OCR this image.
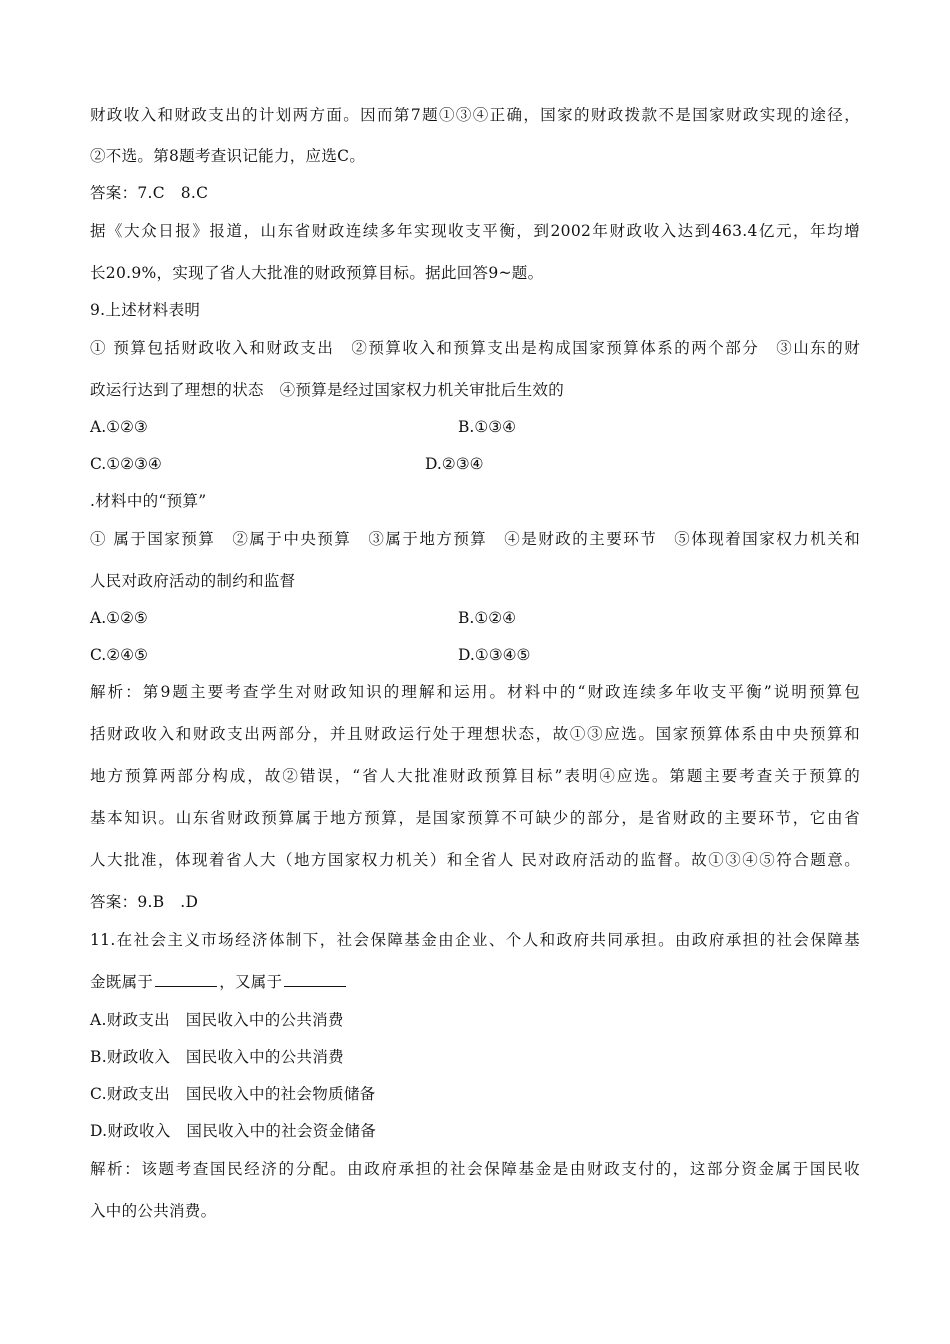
财政收入和财政支出的计划两方面。因而第7题①③④正确，国家的财政拨款不是国家财政实现的途径，
②不选。第8题考查识记能力，应选C。
答案：7.C　8.C
据《大众日报》报道，山东省财政连续多年实现收支平衡，到2002年财政收入达到463.4亿元，年均增
长20.9%，实现了省人大批准的财政预算目标。据此回答9~题。
9.上述材料表明
① 预算包括财政收入和财政支出　②预算收入和预算支出是构成国家预算体系的两个部分　③山东的财
政运行达到了理想的状态　④预算是经过国家权力机关审批后生效的
A.①②③	B.①③④
C.①②③④	D.②③④
.材料中的“预算”
① 属于国家预算　②属于中央预算　③属于地方预算　④是财政的主要环节　⑤体现着国家权力机关和
人民对政府活动的制约和监督
A.①②⑤	B.①②④
C.②④⑤	D.①③④⑤
解析：第9题主要考查学生对财政知识的理解和运用。材料中的“财政连续多年收支平衡”说明预算包
括财政收入和财政支出两部分，并且财政运行处于理想状态，故①③应选。国家预算体系由中央预算和
地方预算两部分构成，故②错误，“省人大批准财政预算目标”表明④应选。第题主要考查关于预算的
基本知识。山东省财政预算属于地方预算，是国家预算不可缺少的部分，是省财政的主要环节，它由省
人大批准，体现着省人大（地方国家权力机关）和全省人 民对政府活动的监督。故①③④⑤符合题意。
答案：9.B　.D
11.在社会主义市场经济体制下，社会保障基金由企业、个人和政府共同承担。由政府承担的社会保障基
金既属于	，又属于
A.财政支出　国民收入中的公共消费
B.财政收入　国民收入中的公共消费
C.财政支出　国民收入中的社会物质储备
D.财政收入　国民收入中的社会资金储备
解析：该题考查国民经济的分配。由政府承担的社会保障基金是由财政支付的，这部分资金属于国民收
入中的公共消费。
